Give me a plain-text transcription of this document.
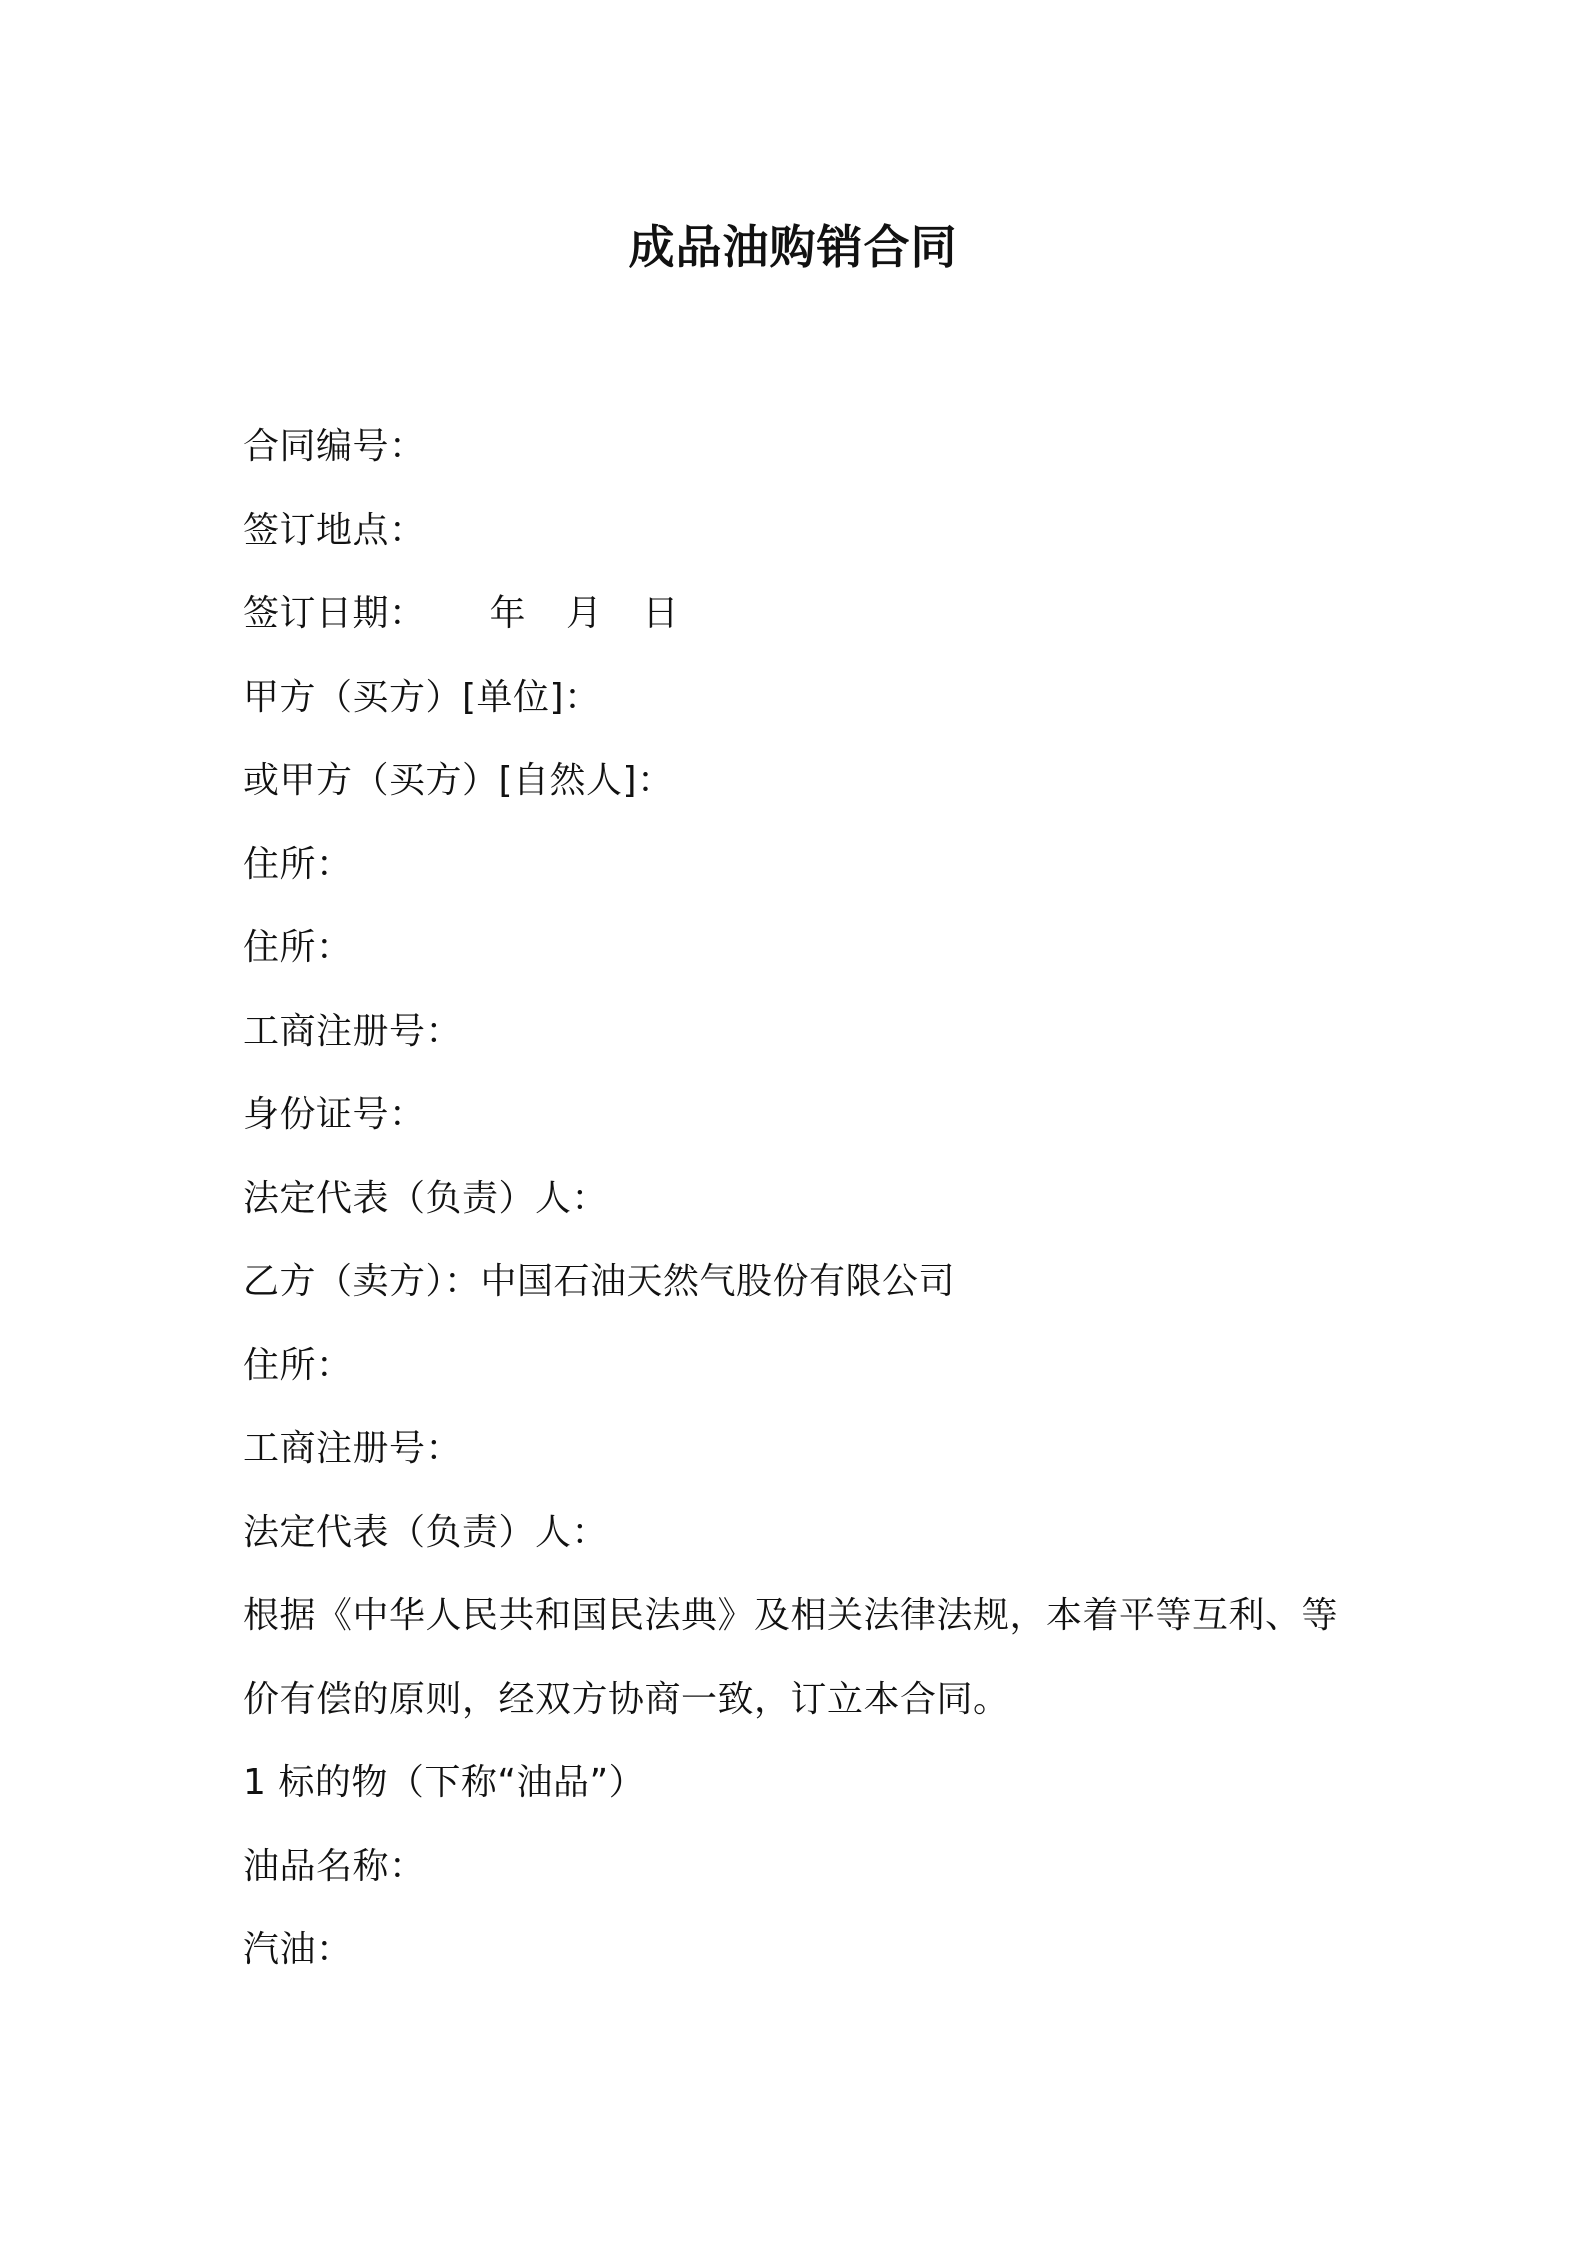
成品油购销合同
合同编号：
签订地点：
签订日期： 年 月 日
甲方（买方）[单位]：
或甲方（买方）[自然人]：
住所：
住所：
工商注册号：
身份证号：
法定代表（负责）人：
乙方（卖方）：中国石油天然气股份有限公司
住所：
工商注册号：
法定代表（负责）人：
根据《中华人民共和国民法典》及相关法律法规，本着平等互利、等价有偿的原则，经双方协商一致，订立本合同。
1 标的物（下称“油品”）
油品名称：
汽油：
